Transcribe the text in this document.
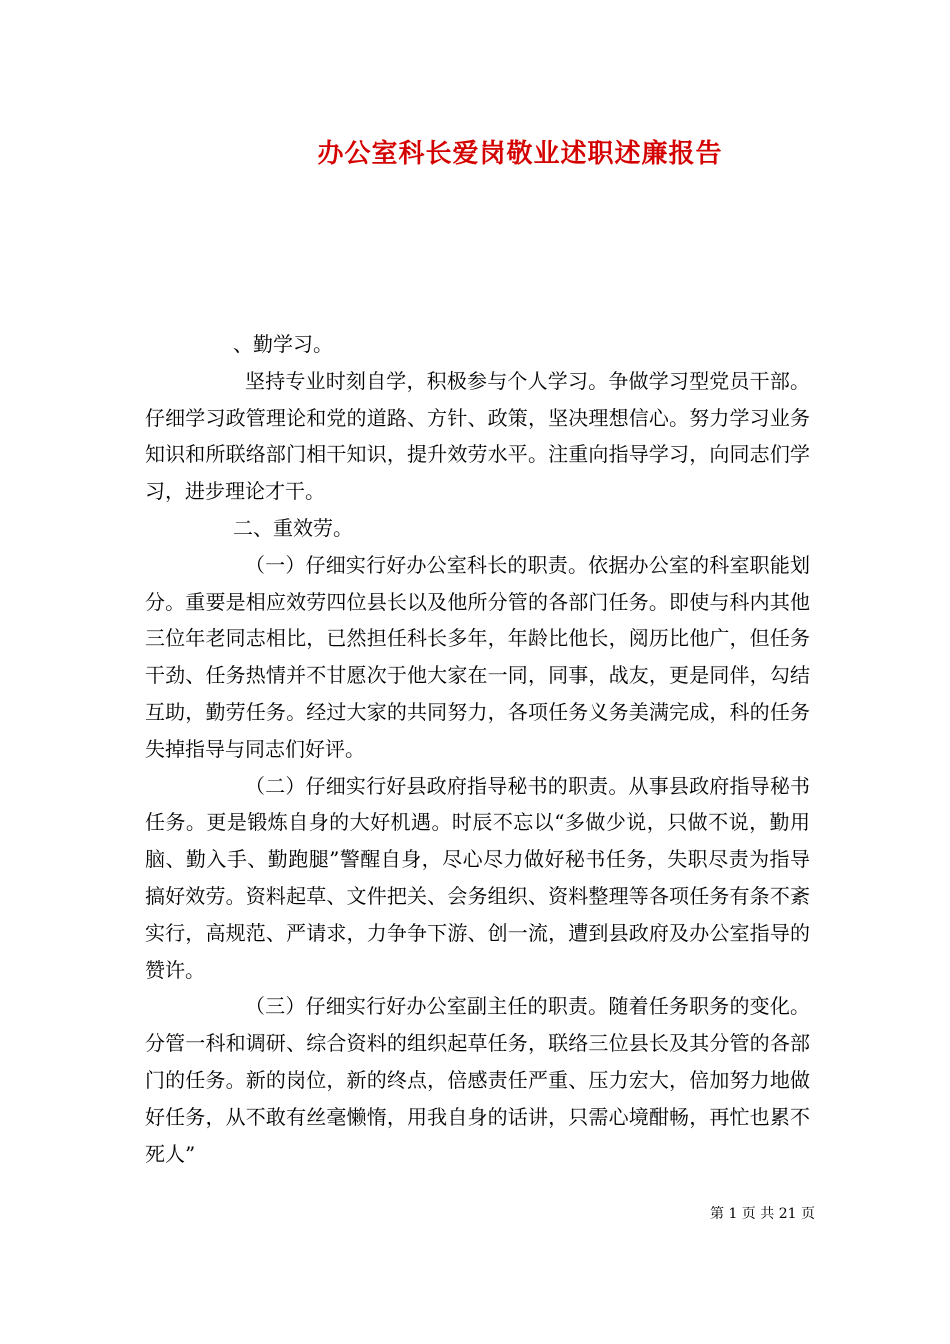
办公室科长爱岗敬业述职述廉报告

、勤学习。

坚持专业时刻自学，积极参与个人学习。争做学习型党员干部。仔细学习政管理论和党的道路、方针、政策，坚决理想信心。努力学习业务知识和所联络部门相干知识，提升效劳水平。注重向指导学习，向同志们学习，进步理论才干。

二、重效劳。

（一）仔细实行好办公室科长的职责。依据办公室的科室职能划分。重要是相应效劳四位县长以及他所分管的各部门任务。即使与科内其他三位年老同志相比，已然担任科长多年，年龄比他长，阅历比他广，但任务干劲、任务热情并不甘愿次于他大家在一同，同事，战友，更是同伴，勾结互助，勤劳任务。经过大家的共同努力，各项任务义务美满完成，科的任务失掉指导与同志们好评。

（二）仔细实行好县政府指导秘书的职责。从事县政府指导秘书任务。更是锻炼自身的大好机遇。时辰不忘以“多做少说，只做不说，勤用脑、勤入手、勤跑腿”警醒自身，尽心尽力做好秘书任务，失职尽责为指导搞好效劳。资料起草、文件把关、会务组织、资料整理等各项任务有条不紊实行，高规范、严请求，力争争下游、创一流，遭到县政府及办公室指导的赞许。

（三）仔细实行好办公室副主任的职责。随着任务职务的变化。分管一科和调研、综合资料的组织起草任务，联络三位县长及其分管的各部门的任务。新的岗位，新的终点，倍感责任严重、压力宏大，倍加努力地做好任务，从不敢有丝毫懒惰，用我自身的话讲，只需心境酣畅，再忙也累不死人”

第 1 页 共 21 页
